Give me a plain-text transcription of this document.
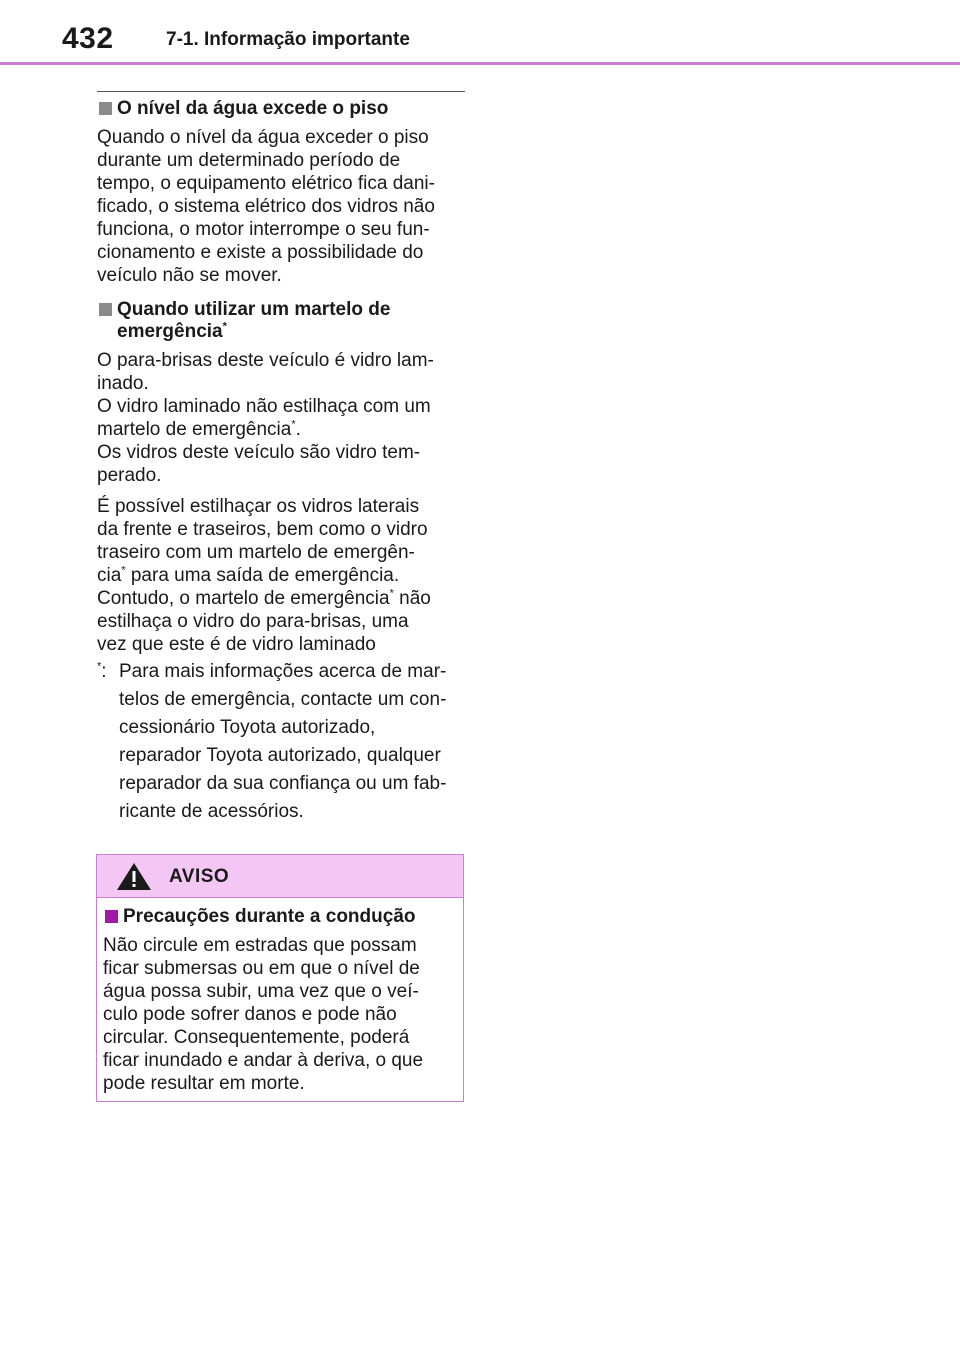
432	7-1. Informação importante
O nível da água excede o piso
Quando o nível da água exceder o piso
durante um determinado período de
tempo, o equipamento elétrico fica dani-
ficado, o sistema elétrico dos vidros não
funciona, o motor interrompe o seu fun-
cionamento e existe a possibilidade do
veículo não se mover.
Quando utilizar um martelo de
emergência*
O para-brisas deste veículo é vidro lam-
inado.
O vidro laminado não estilhaça com um
martelo de emergência*.
Os vidros deste veículo são vidro tem-
perado.
É possível estilhaçar os vidros laterais
da frente e traseiros, bem como o vidro
traseiro com um martelo de emergên-
cia* para uma saída de emergência.
Contudo, o martelo de emergência* não
estilhaça o vidro do para-brisas, uma
vez que este é de vidro laminado
*: Para mais informações acerca de mar-
telos de emergência, contacte um con-
cessionário Toyota autorizado,
reparador Toyota autorizado, qualquer
reparador da sua confiança ou um fab-
ricante de acessórios.
AVISO
Precauções durante a condução
Não circule em estradas que possam
ficar submersas ou em que o nível de
água possa subir, uma vez que o veí-
culo pode sofrer danos e pode não
circular. Consequentemente, poderá
ficar inundado e andar à deriva, o que
pode resultar em morte.
